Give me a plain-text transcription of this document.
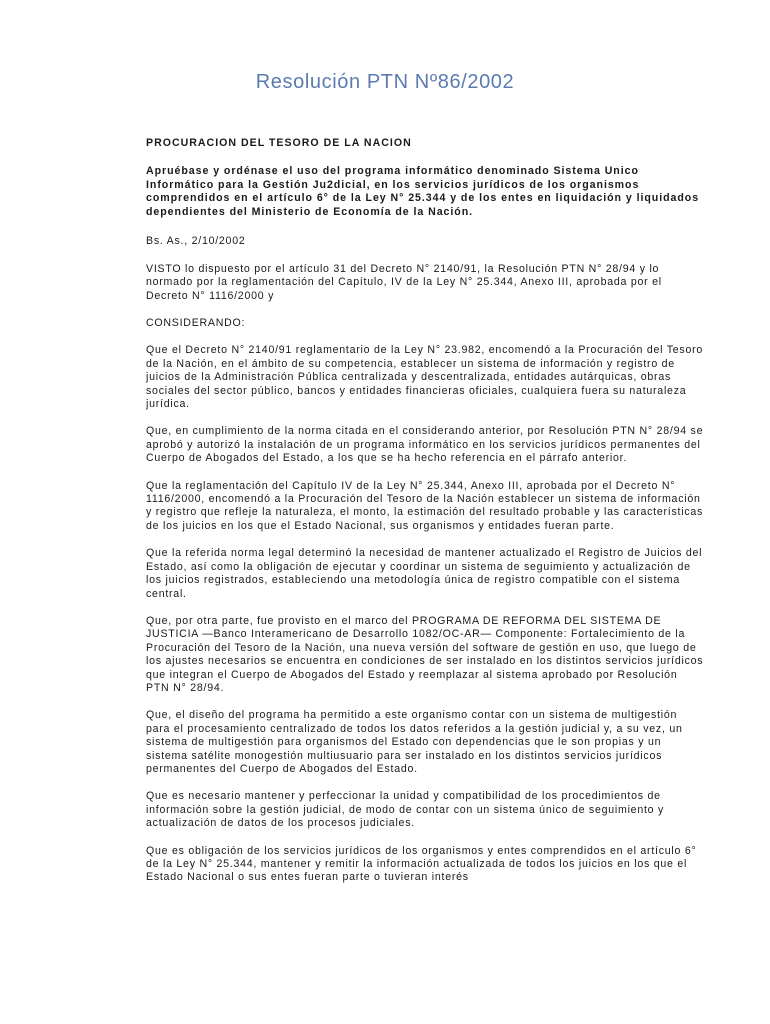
Resolución PTN Nº86/2002
PROCURACION DEL TESORO DE LA NACION
Apruébase y ordénase el uso del programa informático denominado Sistema Unico Informático para la Gestión Ju2dicial, en los servicios jurídicos de los organismos comprendidos en el artículo 6° de la Ley N° 25.344 y de los entes en liquidación y liquidados dependientes del Ministerio de Economía de la Nación.

Bs. As., 2/10/2002

VISTO lo dispuesto por el artículo 31 del Decreto N° 2140/91, la Resolución PTN N° 28/94 y lo normado por la reglamentación del Capítulo, IV de la Ley N° 25.344, Anexo III, aprobada por el Decreto N° 1116/2000 y

CONSIDERANDO:

Que el Decreto N° 2140/91 reglamentario de la Ley N° 23.982, encomendó a la Procuración del Tesoro de la Nación, en el ámbito de su competencia, establecer un sistema de información y registro de juicios de la Administración Pública centralizada y descentralizada, entidades autárquicas, obras sociales del sector público, bancos y entidades financieras oficiales, cualquiera fuera su naturaleza jurídica.

Que, en cumplimiento de la norma citada en el considerando anterior, por Resolución PTN N° 28/94 se aprobó y autorizó la instalación de un programa informático en los servicios jurídicos permanentes del Cuerpo de Abogados del Estado, a los que se ha hecho referencia en el párrafo anterior.

Que la reglamentación del Capítulo IV de la Ley N° 25.344, Anexo III, aprobada por el Decreto N° 1116/2000, encomendó a la Procuración del Tesoro de la Nación establecer un sistema de información y registro que refleje la naturaleza, el monto, la estimación del resultado probable y las características de los juicios en los que el Estado Nacional, sus organismos y entidades fueran parte.

Que la referida norma legal determinó la necesidad de mantener actualizado el Registro de Juicios del Estado, así como la obligación de ejecutar y coordinar un sistema de seguimiento y actualización de los juicios registrados, estableciendo una metodología única de registro compatible con el sistema central.

Que, por otra parte, fue provisto en el marco del PROGRAMA DE REFORMA DEL SISTEMA DE JUSTICIA —Banco Interamericano de Desarrollo 1082/OC-AR— Componente: Fortalecimiento de la Procuración del Tesoro de la Nación, una nueva versión del software de gestión en uso, que luego de los ajustes necesarios se encuentra en condiciones de ser instalado en los distintos servicios jurídicos que integran el Cuerpo de Abogados del Estado y reemplazar al sistema aprobado por Resolución PTN N° 28/94.

Que, el diseño del programa ha permitido a este organismo contar con un sistema de multigestión para el procesamiento centralizado de todos los datos referidos a la gestión judicial y, a su vez, un sistema de multigestión para organismos del Estado con dependencias que le son propias y un sistema satélite monogestión multiusuario para ser instalado en los distintos servicios jurídicos permanentes del Cuerpo de Abogados del Estado.

Que es necesario mantener y perfeccionar la unidad y compatibilidad de los procedimientos de información sobre la gestión judicial, de modo de contar con un sistema único de seguimiento y actualización de datos de los procesos judiciales.

Que es obligación de los servicios jurídicos de los organismos y entes comprendidos en el artículo 6° de la Ley N° 25.344, mantener y remitir la información actualizada de todos los juicios en los que el Estado Nacional o sus entes fueran parte o tuvieran interés
